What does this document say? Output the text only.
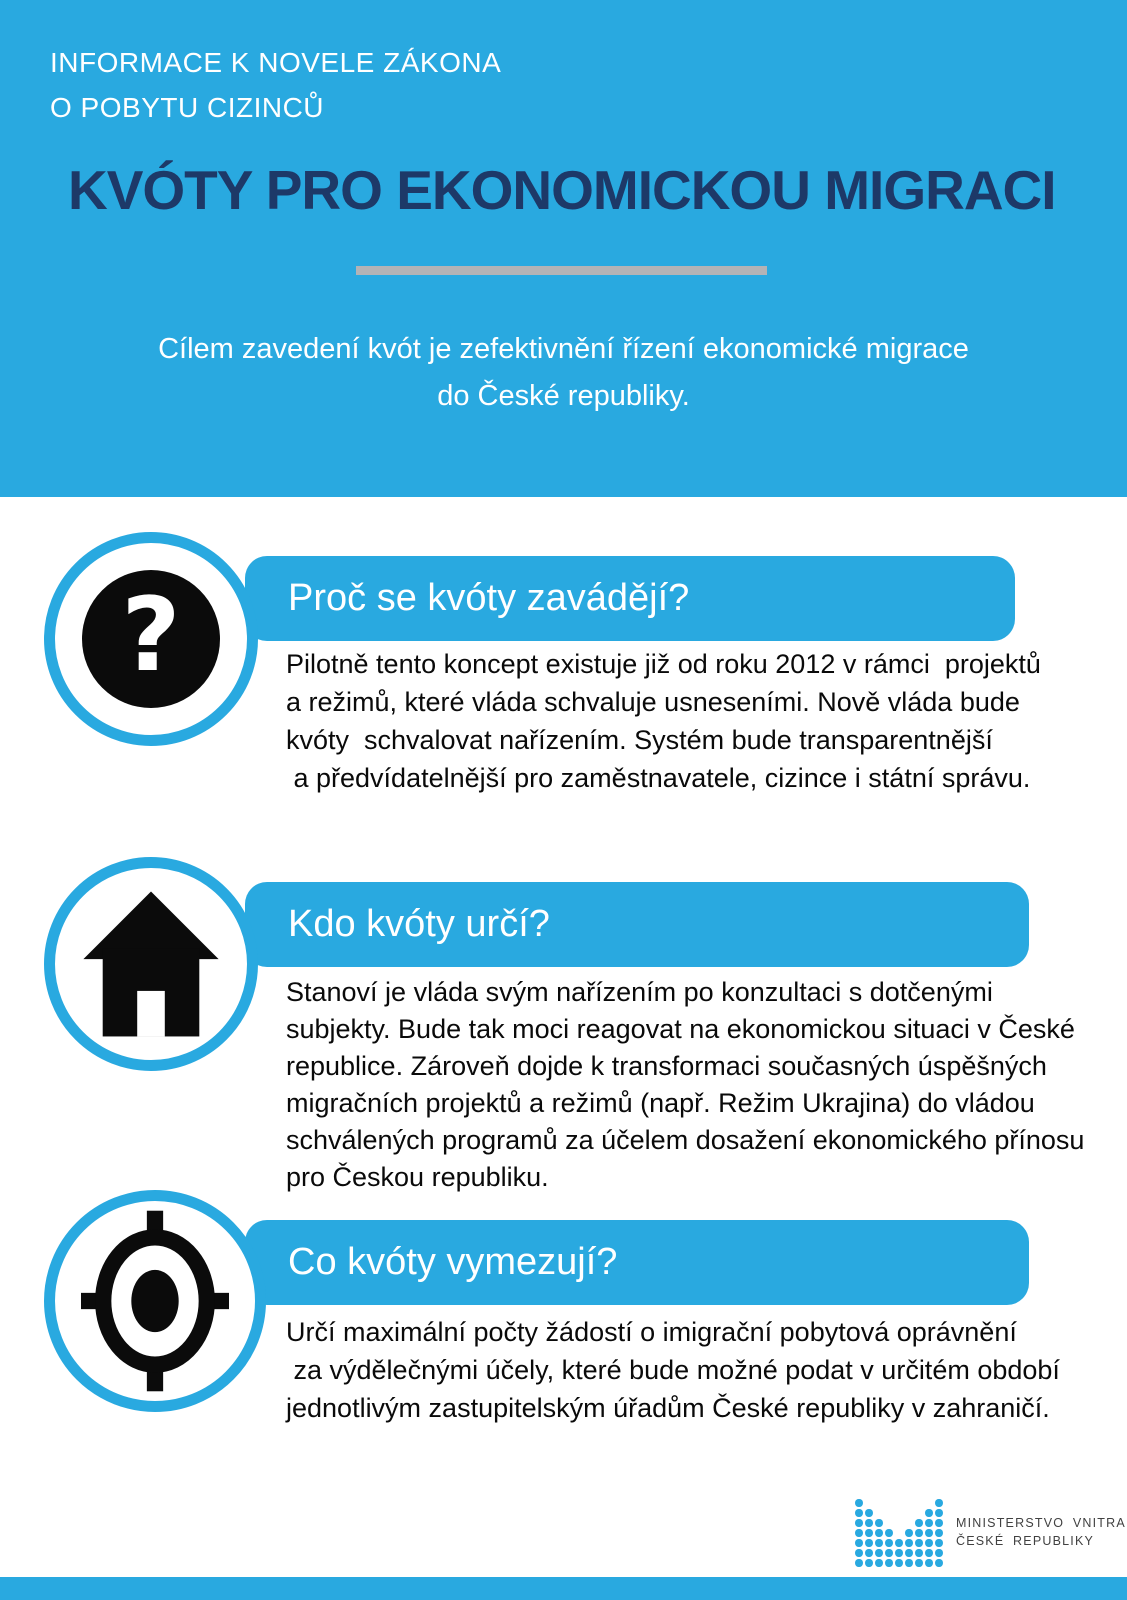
INFORMACE K NOVELE ZÁKONA
O POBYTU CIZINCŮ
KVÓTY PRO EKONOMICKOU MIGRACI
Cílem zavedení kvót je zefektivnění řízení ekonomické migrace
do České republiky.
Proč se kvóty zavádějí?
?	Pilotně tento koncept existuje již od roku 2012 v rámci  projektů
a režimů, které vláda schvaluje usneseními. Nově vláda bude
kvóty  schvalovat nařízením. Systém bude transparentnější
a předvídatelnější pro zaměstnavatele, cizince i státní správu.
Kdo kvóty určí?
Stanoví je vláda svým nařízením po konzultaci s dotčenými
subjekty. Bude tak moci reagovat na ekonomickou situaci v České
republice. Zároveň dojde k transformaci současných úspěšných
migračních projektů a režimů (např. Režim Ukrajina) do vládou
schválených programů za účelem dosažení ekonomického přínosu
pro Českou republiku.
Co kvóty vymezují?
Určí maximální počty žádostí o imigrační pobytová oprávnění
za výdělečnými účely, které bude možné podat v určitém období
jednotlivým zastupitelským úřadům České republiky v zahraničí.
MINISTERSTVO VNITRA
ČESKÉ REPUBLIKY
